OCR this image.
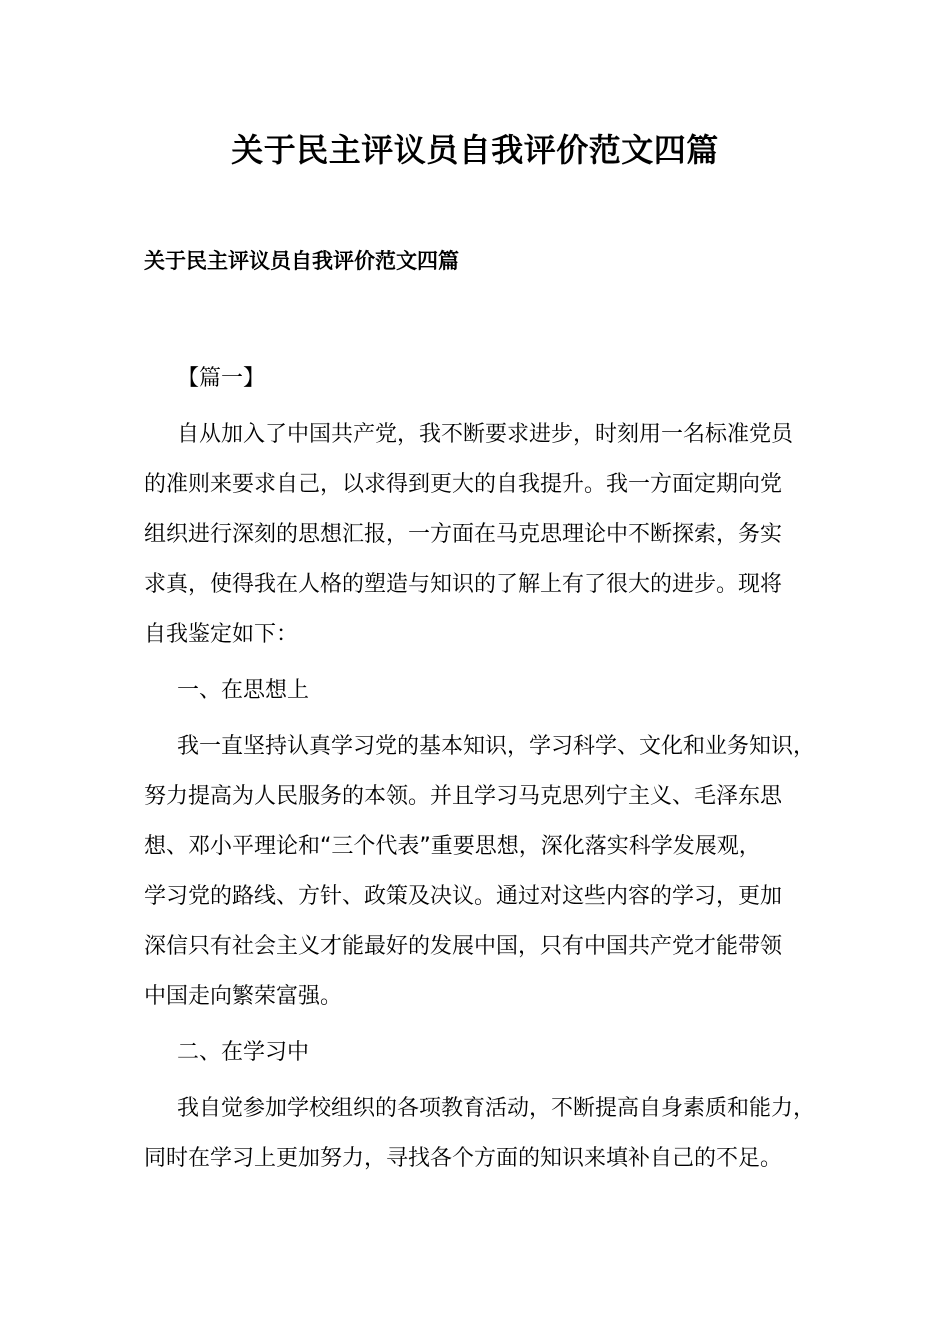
关于民主评议员自我评价范文四篇
关于民主评议员自我评价范文四篇

【篇一】

自从加入了中国共产党，我不断要求进步，时刻用一名标准党员

的准则来要求自己，以求得到更大的自我提升。我一方面定期向党

组织进行深刻的思想汇报，一方面在马克思理论中不断探索，务实

求真，使得我在人格的塑造与知识的了解上有了很大的进步。现将

自我鉴定如下：

一、在思想上

我一直坚持认真学习党的基本知识，学习科学、文化和业务知识，

努力提高为人民服务的本领。并且学习马克思列宁主义、毛泽东思

想、邓小平理论和“三个代表”重要思想，深化落实科学发展观，

学习党的路线、方针、政策及决议。通过对这些内容的学习，更加

深信只有社会主义才能最好的发展中国，只有中国共产党才能带领

中国走向繁荣富强。

二、在学习中

我自觉参加学校组织的各项教育活动，不断提高自身素质和能力，

同时在学习上更加努力，寻找各个方面的知识来填补自己的不足。
